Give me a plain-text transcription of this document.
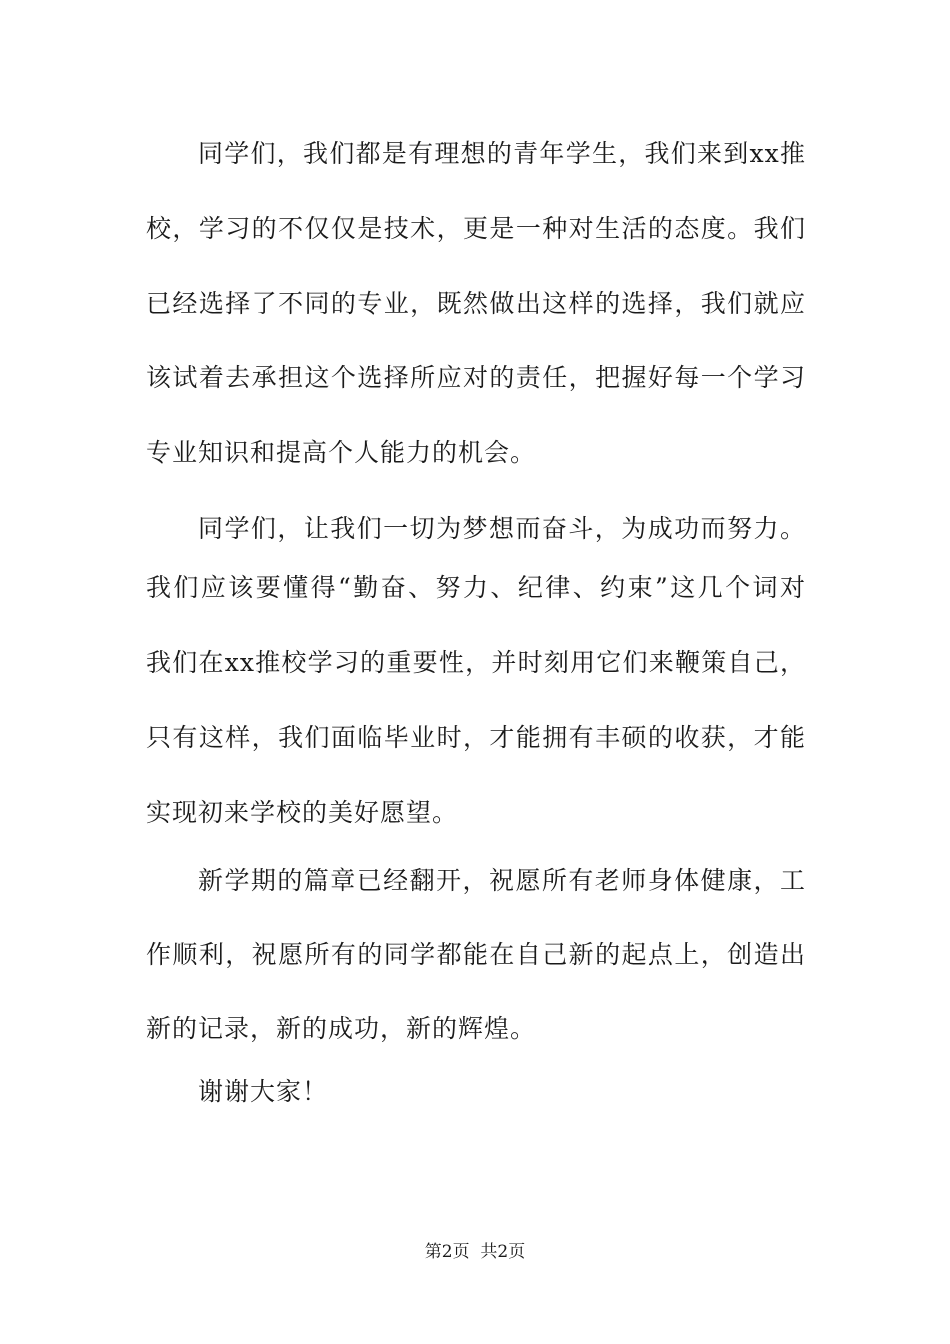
同学们，我们都是有理想的青年学生，我们来到xx推
校，学习的不仅仅是技术，更是一种对生活的态度。我们
已经选择了不同的专业，既然做出这样的选择，我们就应
该试着去承担这个选择所应对的责任，把握好每一个学习
专业知识和提高个人能力的机会。
同学们，让我们一切为梦想而奋斗，为成功而努力。
我们应该要懂得“勤奋、努力、纪律、约束”这几个词对
我们在xx推校学习的重要性，并时刻用它们来鞭策自己，
只有这样，我们面临毕业时，才能拥有丰硕的收获，才能
实现初来学校的美好愿望。
新学期的篇章已经翻开，祝愿所有老师身体健康，工
作顺利，祝愿所有的同学都能在自己新的起点上，创造出
新的记录，新的成功，新的辉煌。
谢谢大家！
第2页 共2页
